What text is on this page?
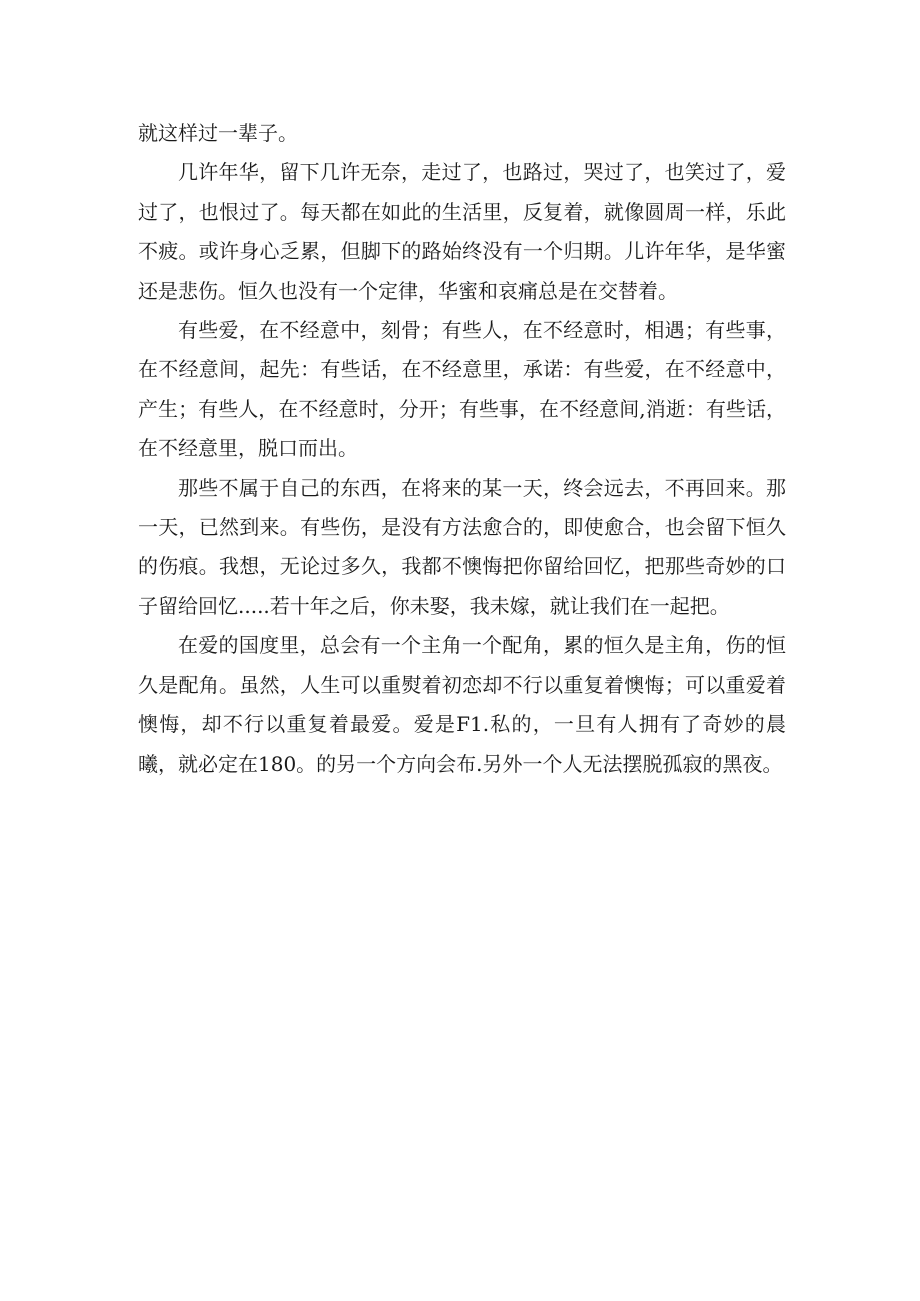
就这样过一辈子。

几许年华，留下几许无奈，走过了，也路过，哭过了，也笑过了，爱过了，也恨过了。每天都在如此的生活里，反复着，就像圆周一样，乐此不疲。或许身心乏累，但脚下的路始终没有一个归期。儿许年华，是华蜜还是悲伤。恒久也没有一个定律，华蜜和哀痛总是在交替着。

有些爱，在不经意中，刻骨；有些人，在不经意时，相遇；有些事，在不经意间，起先：有些话，在不经意里，承诺：有些爱，在不经意中，产生；有些人，在不经意时，分开；有些事，在不经意间,消逝：有些话，在不经意里，脱口而出。

那些不属于自己的东西，在将来的某一天，终会远去，不再回来。那一天，已然到来。有些伤，是没有方法愈合的，即使愈合，也会留下恒久的伤痕。我想，无论过多久，我都不懊悔把你留给回忆，把那些奇妙的口子留给回忆.....若十年之后，你未娶，我未嫁，就让我们在一起把。

在爱的国度里，总会有一个主角一个配角，累的恒久是主角，伤的恒久是配角。虽然，人生可以重熨着初恋却不行以重复着懊悔；可以重爱着懊悔，却不行以重复着最爱。爱是F1.私的，一旦有人拥有了奇妙的晨曦，就必定在180。的另一个方向会布.另外一个人无法摆脱孤寂的黑夜。
